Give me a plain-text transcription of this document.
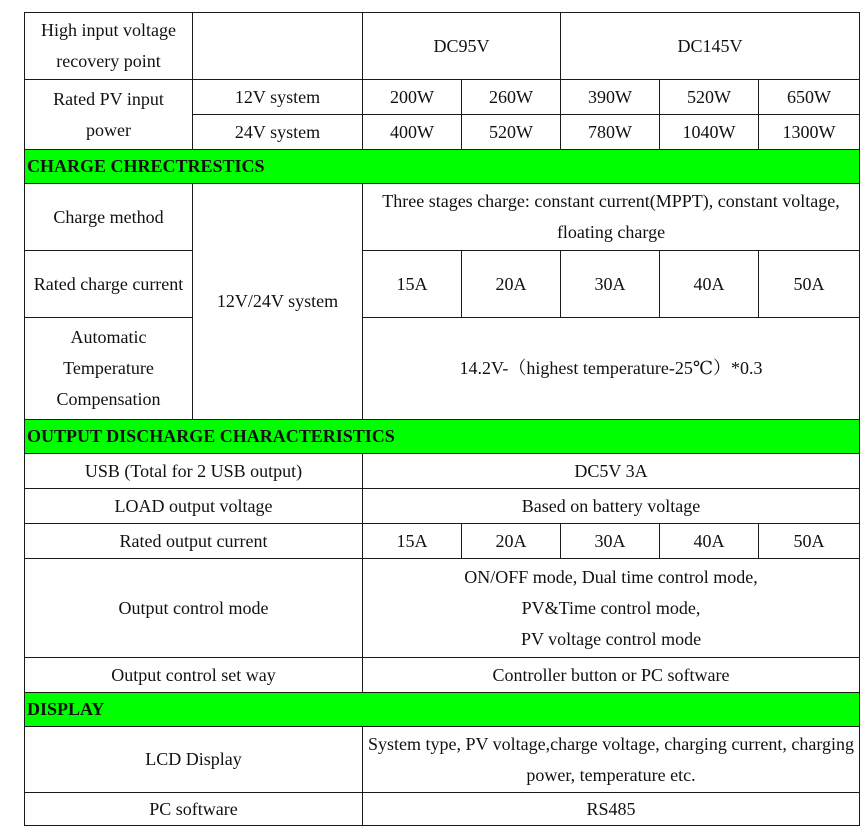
High input voltage recovery point		DC95V		DC145V		
Rated PV input power	12V system	200W	260W	390W	520W	650W
	24V system	400W	520W	780W	1040W	1300W
CHARGE CHRECTRESTICS						
Charge method	12V/24V system	Three stages charge: constant current(MPPT), constant voltage, floating charge				
Rated charge current		15A	20A	30A	40A	50A
Automatic Temperature Compensation		14.2V-（highest temperature-25℃）*0.3				
OUTPUT DISCHARGE CHARACTERISTICS						
USB (Total for 2 USB output)		DC5V 3A				
LOAD output voltage		Based on battery voltage				
Rated output current		15A	20A	30A	40A	50A
Output control mode		ON/OFF mode, Dual time control mode,
PV&Time control mode,
PV voltage control mode				

Output control set way		Controller button or PC software				
DISPLAY						
LCD Display		System type, PV voltage,charge voltage, charging current, charging power, temperature etc.				
PC software		RS485				
